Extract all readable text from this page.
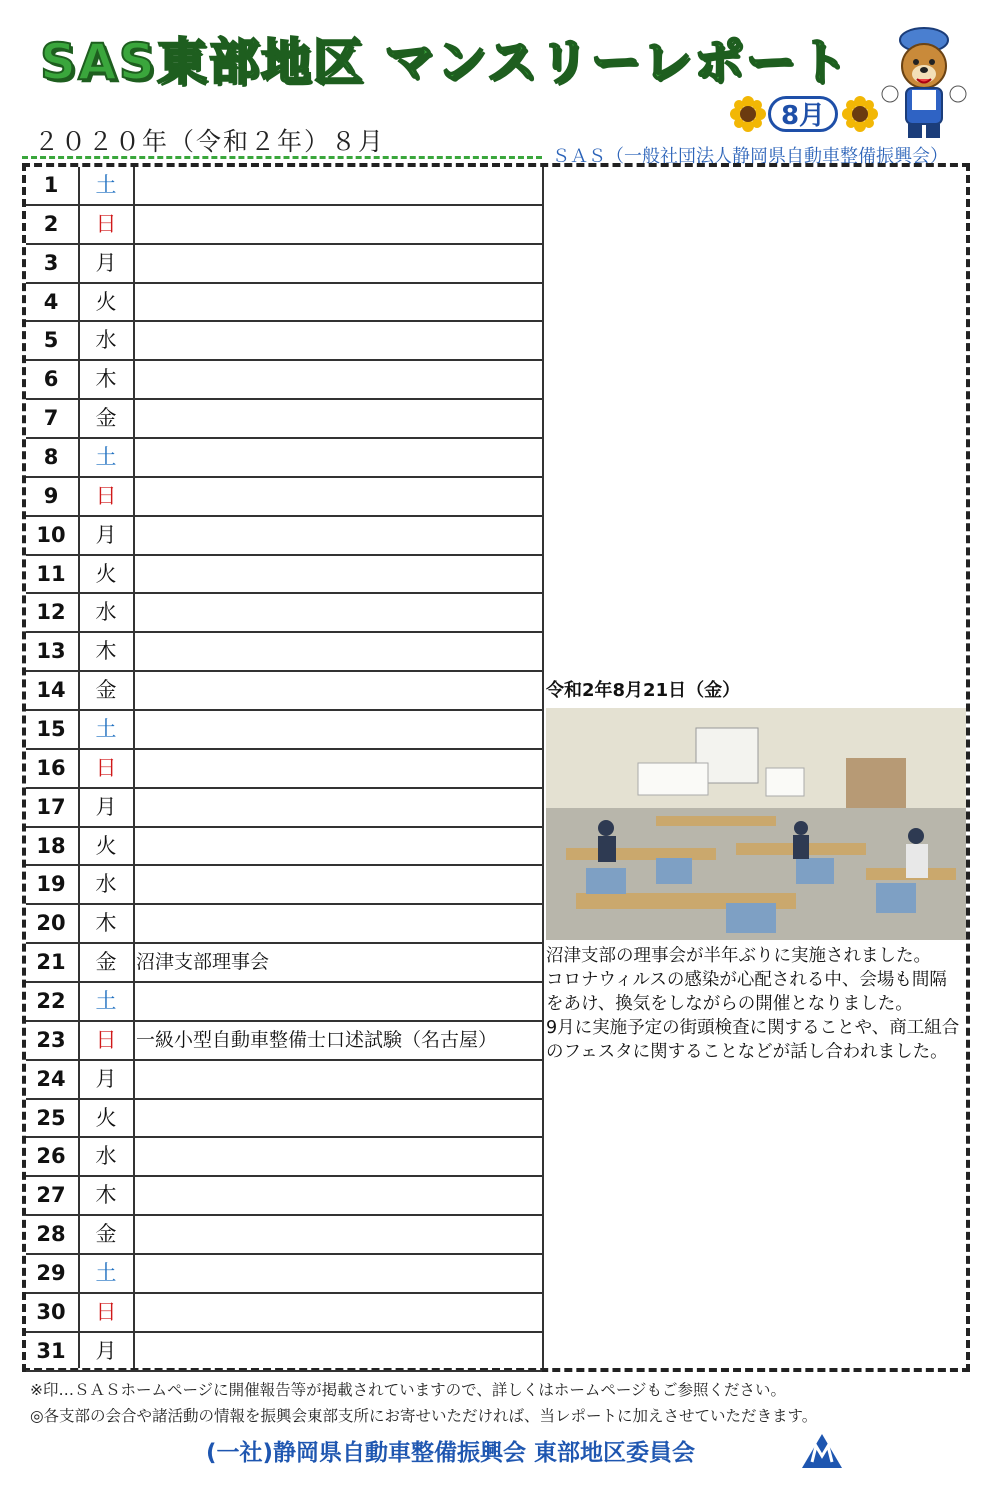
SAS東部地区 マンスリーレポート
8月
２０２０年（令和２年）８月
ＳＡＳ（一般社団法人静岡県自動車整備振興会）
1	土
2	日
3	月
4	火
5	水
6	木
7	金
8	土
9	日
10	月
11	火
12	水
13	木
14	金
15	土
16	日
17	月
18	火
19	水
20	木
21	金	沼津支部理事会
22	土
23	日	一級小型自動車整備士口述試験（名古屋）
24	月
25	火
26	水
27	木
28	金
29	土
30	日
31	月
令和2年8月21日（金）
沼津支部の理事会が半年ぶりに実施されました。
コロナウィルスの感染が心配される中、会場も間隔をあけ、換気をしながらの開催となりました。
9月に実施予定の街頭検査に関することや、商工組合のフェスタに関することなどが話し合われました。
※印…ＳＡＳホームページに開催報告等が掲載されていますので、詳しくはホームページもご参照ください。
◎各支部の会合や諸活動の情報を振興会東部支所にお寄せいただければ、当レポートに加えさせていただきます。
(一社)静岡県自動車整備振興会 東部地区委員会
